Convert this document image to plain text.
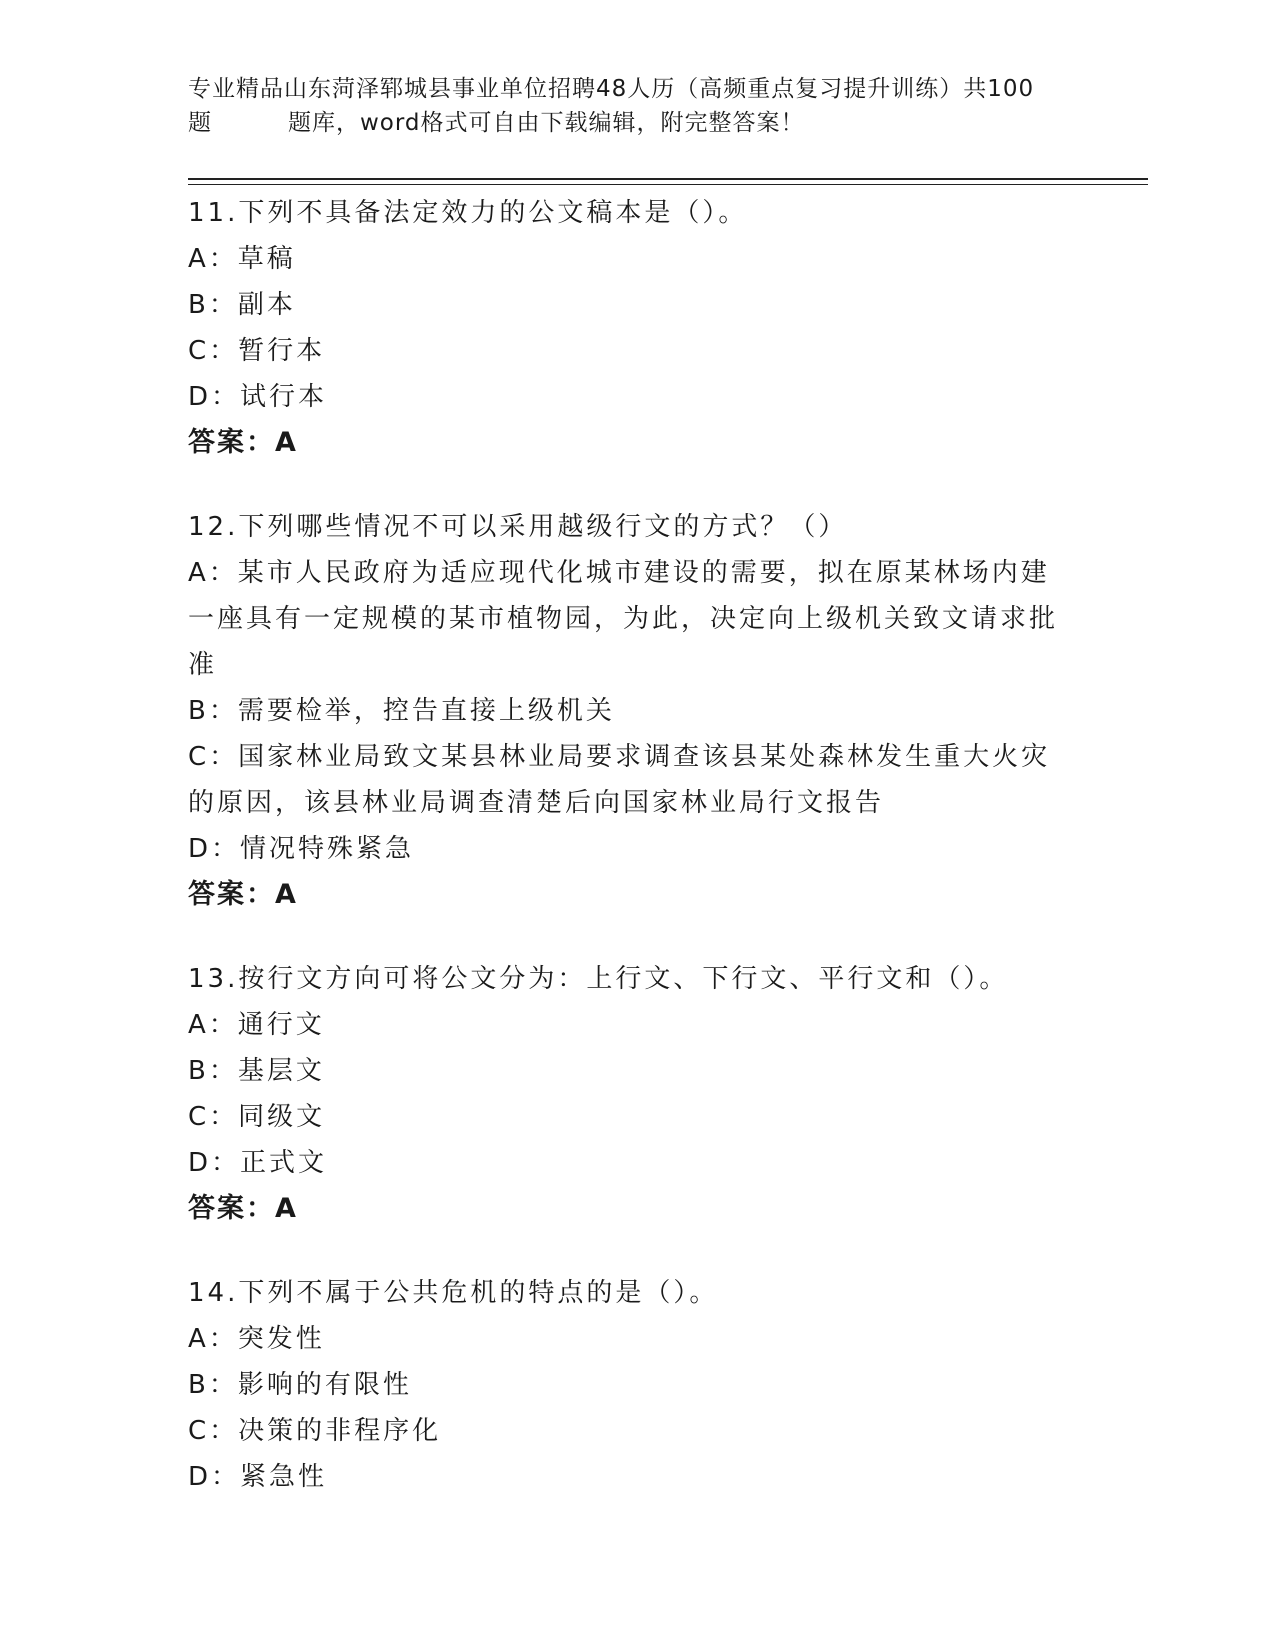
专业精品山东菏泽郓城县事业单位招聘48人历（高频重点复习提升训练）共100
题	题库，word格式可自由下载编辑，附完整答案！
11.下列不具备法定效力的公文稿本是（）。
A：草稿
B：副本
C：暂行本
D：试行本
答案：A
12.下列哪些情况不可以采用越级行文的方式？（）
A：某市人民政府为适应现代化城市建设的需要，拟在原某林场内建一座具有一定规模的某市植物园，为此，决定向上级机关致文请求批准
B：需要检举，控告直接上级机关
C：国家林业局致文某县林业局要求调查该县某处森林发生重大火灾的原因，该县林业局调查清楚后向国家林业局行文报告
D：情况特殊紧急
答案：A
13.按行文方向可将公文分为：上行文、下行文、平行文和（）。
A：通行文
B：基层文
C：同级文
D：正式文
答案：A
14.下列不属于公共危机的特点的是（）。
A：突发性
B：影响的有限性
C：决策的非程序化
D：紧急性
